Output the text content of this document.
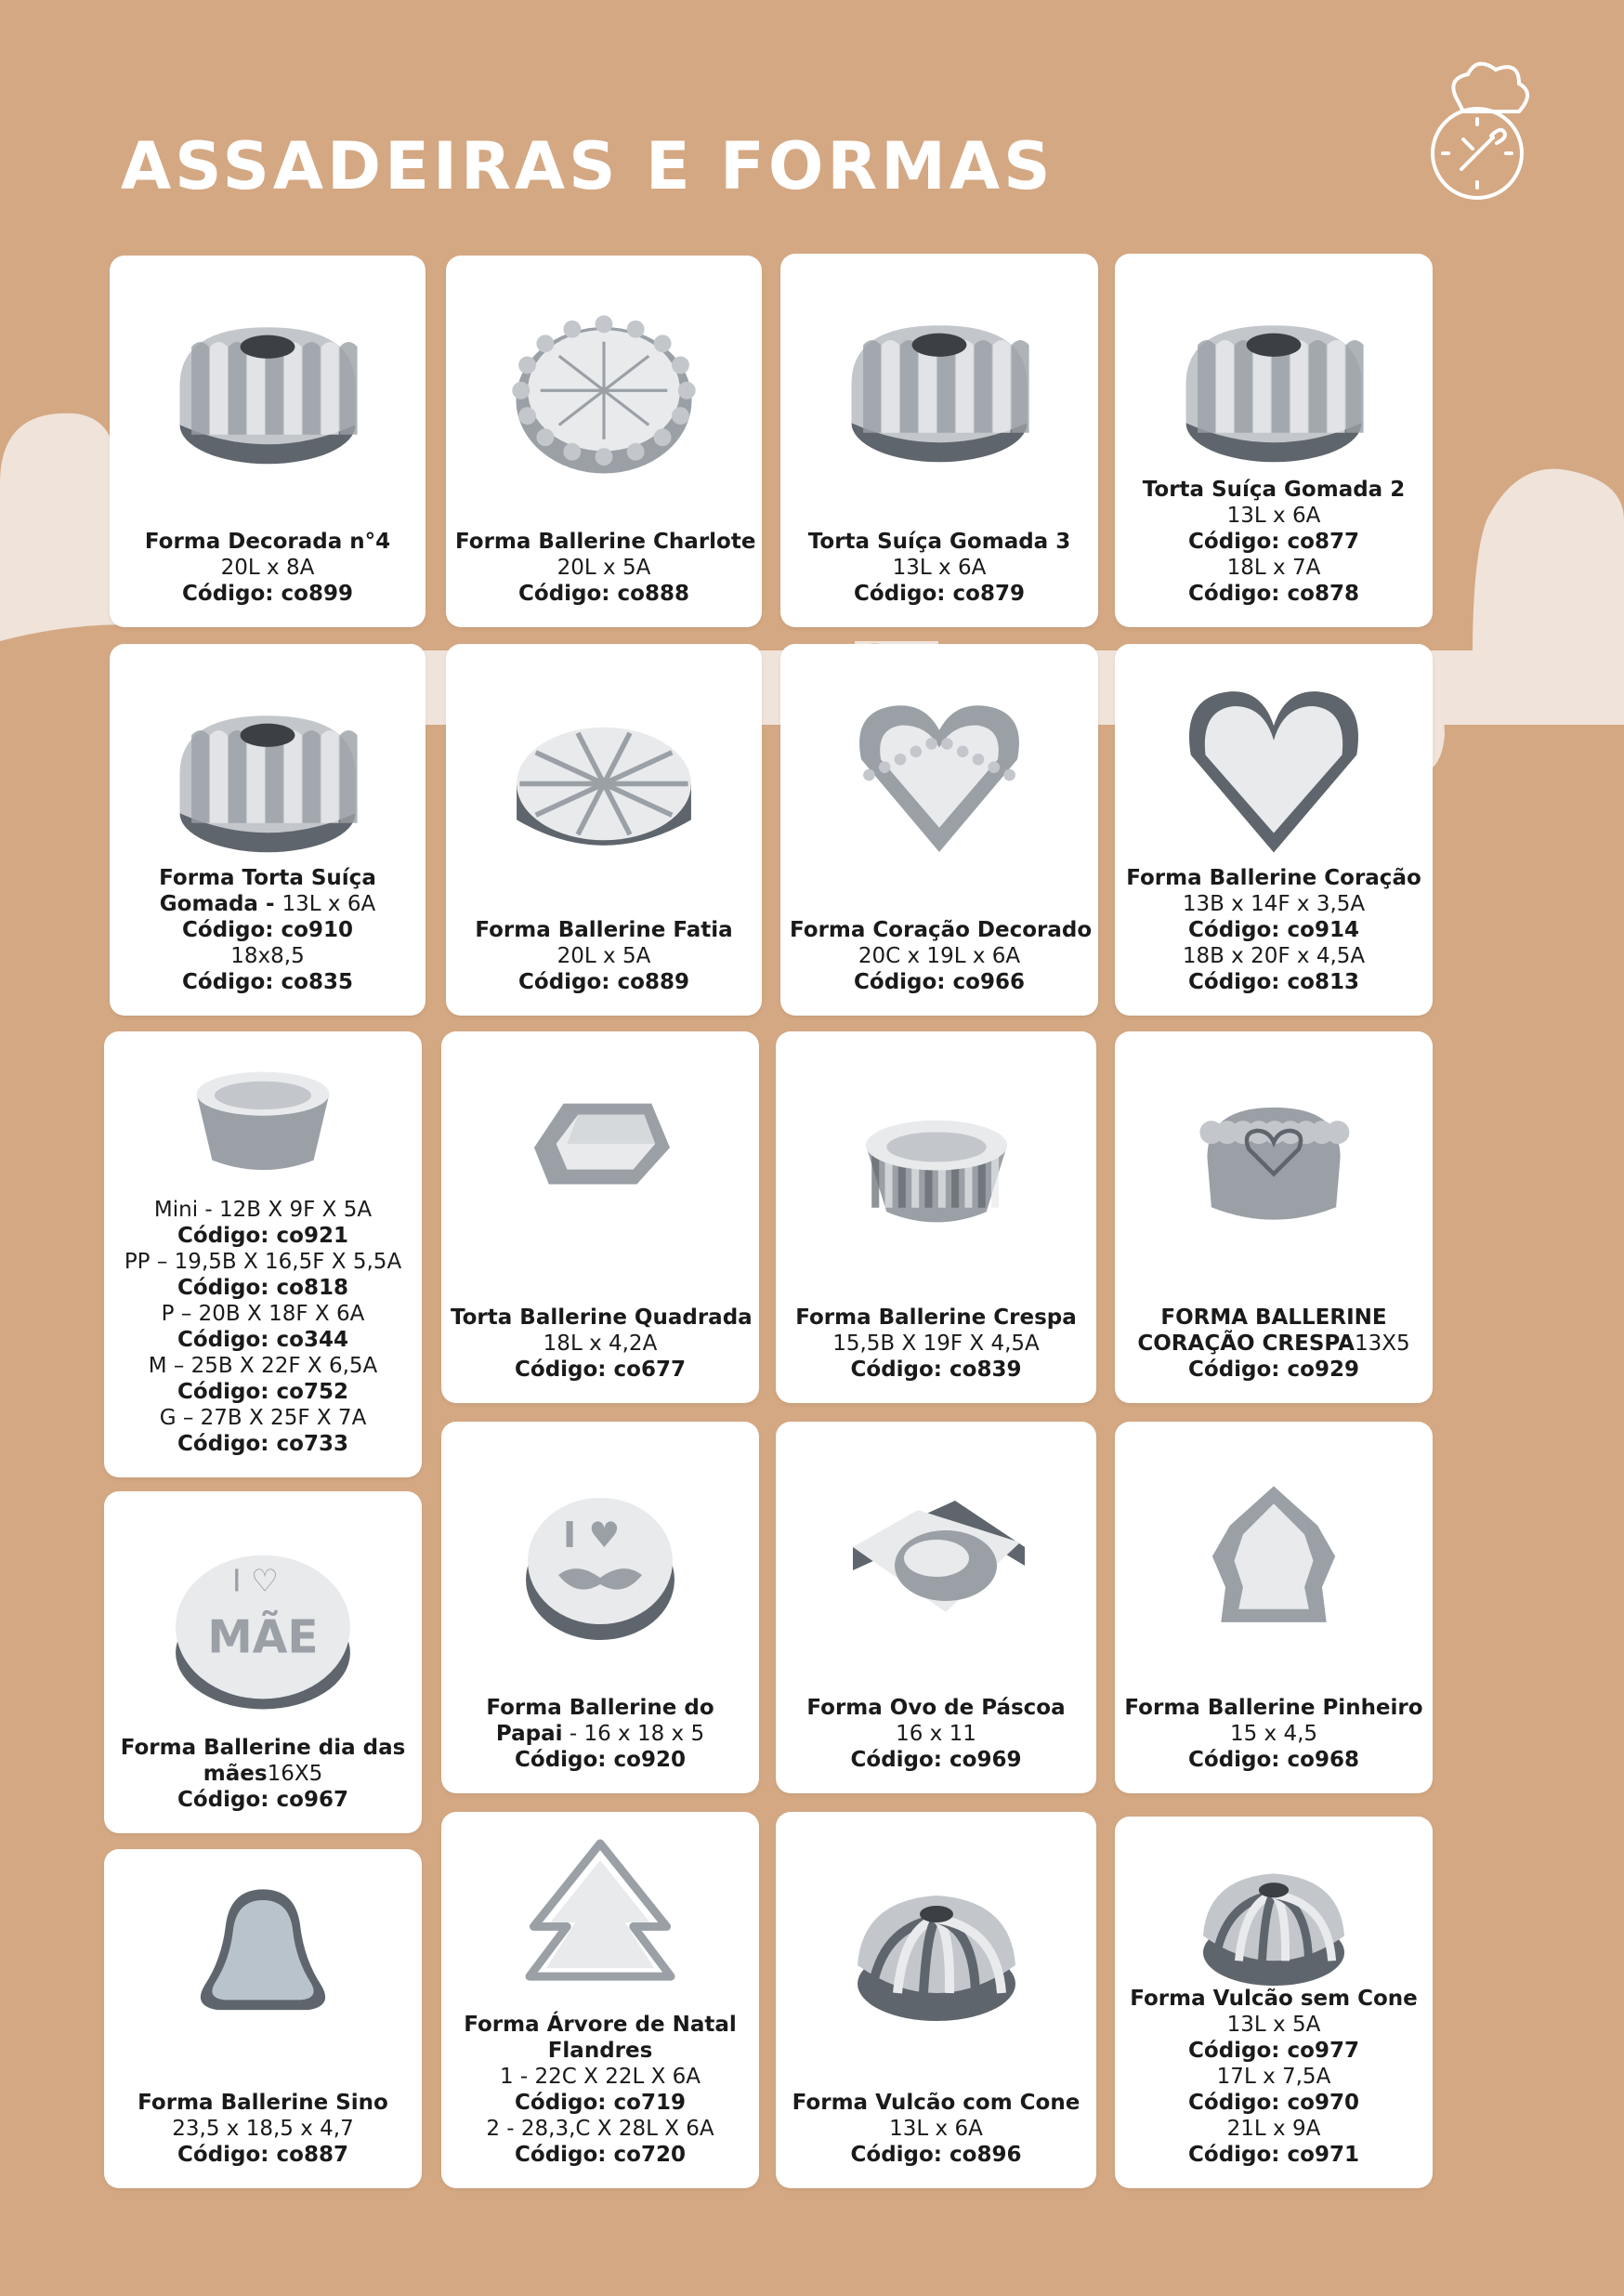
ASSADEIRAS E FORMAS
Forma Decorada n°4
20L x 8A
Código: co899
Forma Ballerine Charlote
20L x 5A
Código: co888
Torta Suíça Gomada 3
13L x 6A
Código: co879
Torta Suíça Gomada 2
13L x 6A
Código: co877
18L x 7A
Código: co878
Forma Torta Suíça
Gomada - 13L x 6A
Código: co910
18x8,5
Código: co835
Forma Ballerine Fatia
20L x 5A
Código: co889
Forma Coração Decorado
20C x 19L x 6A
Código: co966
Forma Ballerine Coração
13B x 14F x 3,5A
Código: co914
18B x 20F x 4,5A
Código: co813
Mini - 12B X 9F X 5A
Código: co921
PP – 19,5B X 16,5F X 5,5A
Código: co818
P – 20B X 18F X 6A
Código: co344
M – 25B X 22F X 6,5A
Código: co752
G – 27B X 25F X 7A
Código: co733
Torta Ballerine Quadrada
18L x 4,2A
Código: co677
Forma Ballerine Crespa
15,5B X 19F X 4,5A
Código: co839
FORMA BALLERINE
CORAÇÃO CRESPA13X5
Código: co929
MÃE
I ♡
Forma Ballerine dia das
mães16X5
Código: co967
I ♥
Forma Ballerine do
Papai - 16 x 18 x 5
Código: co920
Forma Ovo de Páscoa
16 x 11
Código: co969
Forma Ballerine Pinheiro
15 x 4,5
Código: co968
Forma Ballerine Sino
23,5 x 18,5 x 4,7
Código: co887
Forma Árvore de Natal
Flandres
1 - 22C X 22L X 6A
Código: co719
2 - 28,3,C X 28L X 6A
Código: co720
Forma Vulcão com Cone
13L x 6A
Código: co896
Forma Vulcão sem Cone
13L x 5A
Código: co977
17L x 7,5A
Código: co970
21L x 9A
Código: co971
